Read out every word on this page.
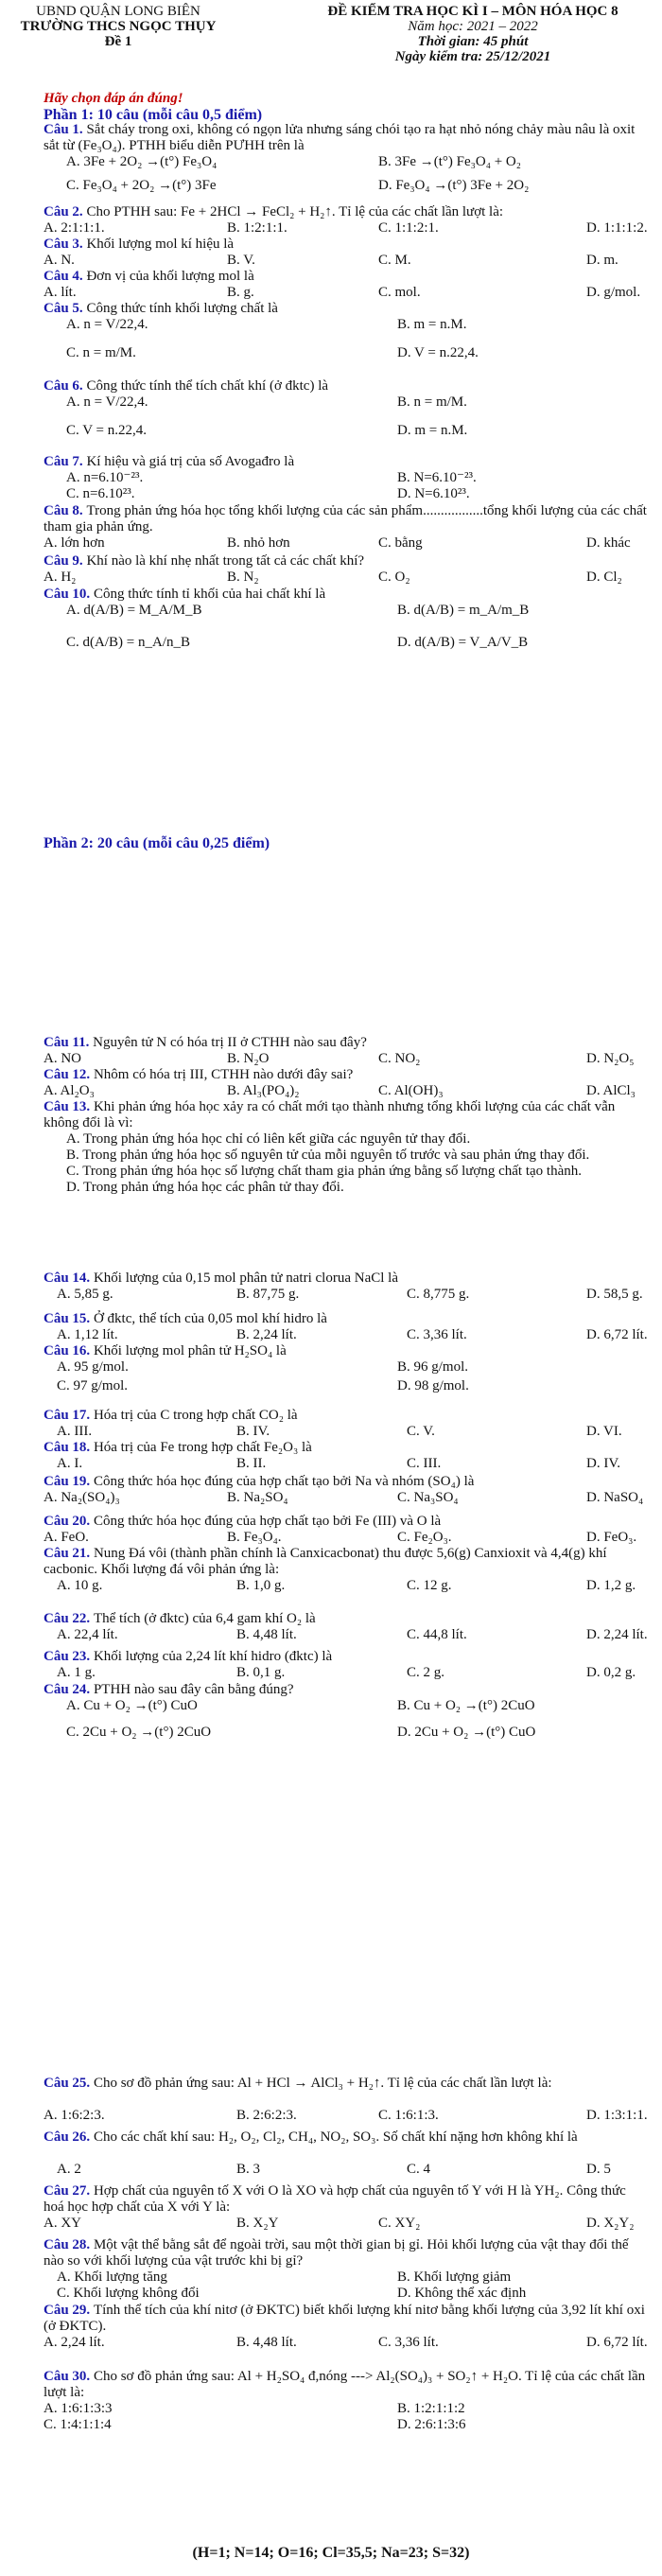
UBND QUẬN LONG BIÊN
TRƯỜNG THCS NGỌC THỤY
Đề 1
ĐỀ KIỂM TRA HỌC KÌ I – MÔN HÓA HỌC 8
Năm học: 2021 – 2022
Thời gian: 45 phút
Ngày kiểm tra: 25/12/2021
Hãy chọn đáp án đúng!
Phần 1: 10 câu (mỗi câu 0,5 điểm)
Phần 2: 20 câu (mỗi câu 0,25 điểm)
Câu 1. Sắt cháy trong oxi, không có ngọn lửa nhưng sáng chói tạo ra hạt nhỏ nóng chảy màu nâu là oxit sắt từ (Fe₃O₄). PTHH biểu diễn PƯHH trên là
A. 3Fe + 2O₂ →(t°) Fe₃O₄	B. 3Fe →(t°) Fe₃O₄ + O₂
C. Fe₃O₄ + 2O₂ →(t°) 3Fe	D. Fe₃O₄ →(t°) 3Fe + 2O₂
Câu 2. Cho PTHH sau: Fe + 2HCl → FeCl₂ + H₂↑. Tỉ lệ của các chất lần lượt là:
A. 2:1:1:1.	B. 1:2:1:1.	C. 1:1:2:1.	D. 1:1:1:2.
Câu 3. Khối lượng mol kí hiệu là
A. N.	B. V.	C. M.	D. m.
Câu 4. Đơn vị của khối lượng mol là
A. lít.	B. g.	C. mol.	D. g/mol.
Câu 5. Công thức tính khối lượng chất là
A. n = V/22,4.	B. m = n.M.
C. n = m/M.	D. V = n.22,4.
Câu 6. Công thức tính thể tích chất khí (ở đktc) là
A. n = V/22,4.	B. n = m/M.
C. V = n.22,4.	D. m = n.M.
Câu 7. Kí hiệu và giá trị của số Avogađro là
A. n=6.10⁻²³.	B. N=6.10⁻²³.
C. n=6.10²³.	D. N=6.10²³.
Câu 8. Trong phản ứng hóa học tổng khối lượng của các sản phẩm.................tổng khối lượng của các chất tham gia phản ứng.
A. lớn hơn	B. nhỏ hơn	C. bằng	D. khác
Câu 9. Khí nào là khí nhẹ nhất trong tất cả các chất khí?
A. H₂	B. N₂	C. O₂	D. Cl₂
Câu 10. Công thức tính tỉ khối của hai chất khí là
A. d(A/B) = M_A/M_B	B. d(A/B) = m_A/m_B
C. d(A/B) = n_A/n_B	D. d(A/B) = V_A/V_B
Câu 11. Nguyên tử N có hóa trị II ở CTHH nào sau đây?
A. NO	B. N₂O	C. NO₂	D. N₂O₅
Câu 12. Nhôm có hóa trị III, CTHH nào dưới đây sai?
A. Al₂O₃	B. Al₃(PO₄)₂	C. Al(OH)₃	D. AlCl₃
Câu 13. Khi phản ứng hóa học xảy ra có chất mới tạo thành nhưng tổng khối lượng của các chất vẫn không đổi là vì:
A. Trong phản ứng hóa học chỉ có liên kết giữa các nguyên tử thay đổi.
B. Trong phản ứng hóa học số nguyên tử của mỗi nguyên tố trước và sau phản ứng thay đổi.
C. Trong phản ứng hóa học số lượng chất tham gia phản ứng bằng số lượng chất tạo thành.
D. Trong phản ứng hóa học các phân tử thay đổi.
Câu 14. Khối lượng của 0,15 mol phân tử natri clorua NaCl là
A. 5,85 g.	B. 87,75 g.	C. 8,775 g.	D. 58,5 g.
Câu 15. Ở đktc, thể tích của 0,05 mol khí hidro là
A. 1,12 lít.	B. 2,24 lít.	C. 3,36 lít.	D. 6,72 lít.
Câu 16. Khối lượng mol phân tử H₂SO₄ là
A. 95 g/mol.	B. 96 g/mol.
C. 97 g/mol.	D. 98 g/mol.
Câu 17. Hóa trị của C trong hợp chất CO₂ là
A. III.	B. IV.	C. V.	D. VI.
Câu 18. Hóa trị của Fe trong hợp chất Fe₂O₃ là
A. I.	B. II.	C. III.	D. IV.
Câu 19. Công thức hóa học đúng của hợp chất tạo bởi Na và nhóm (SO₄) là
A. Na₂(SO₄)₃	B. Na₂SO₄	C. Na₃SO₄	D. NaSO₄
Câu 20. Công thức hóa học đúng của hợp chất tạo bởi Fe (III) và O là
A. FeO.	B. Fe₃O₄.	C. Fe₂O₃.	D. FeO₃.
Câu 21. Nung Đá vôi (thành phần chính là Canxicacbonat) thu được 5,6(g) Canxioxit và 4,4(g) khí cacbonic. Khối lượng đá vôi phản ứng là:
A. 10 g.	B. 1,0 g.	C. 12 g.	D. 1,2 g.
Câu 22. Thể tích (ở đktc) của 6,4 gam khí O₂ là
A. 22,4 lít.	B. 4,48 lít.	C. 44,8 lít.	D. 2,24 lít.
Câu 23. Khối lượng của 2,24 lít khí hidro (đktc) là
A. 1 g.	B. 0,1 g.	C. 2 g.	D. 0,2 g.
Câu 24. PTHH nào sau đây cân bằng đúng?
A. Cu + O₂ →(t°) CuO	B. Cu + O₂ →(t°) 2CuO
C. 2Cu + O₂ →(t°) 2CuO	D. 2Cu + O₂ →(t°) CuO
Câu 25. Cho sơ đồ phản ứng sau: Al + HCl → AlCl₃ + H₂↑. Tỉ lệ của các chất lần lượt là:
A. 1:6:2:3.	B. 2:6:2:3.	C. 1:6:1:3.	D. 1:3:1:1.
Câu 26. Cho các chất khí sau: H₂, O₂, Cl₂, CH₄, NO₂, SO₃. Số chất khí nặng hơn không khí là
A. 2	B. 3	C. 4	D. 5
Câu 27. Hợp chất của nguyên tố X với O là XO và hợp chất của nguyên tố Y với H là YH₂. Công thức hoá học hợp chất của X với Y là:
A. XY	B. X₂Y	C. XY₂	D. X₂Y₂
Câu 28. Một vật thể bằng sắt để ngoài trời, sau một thời gian bị gỉ. Hỏi khối lượng của vật thay đổi thế nào so với khối lượng của vật trước khi bị gỉ?
A. Khối lượng tăng	B. Khối lượng giảm
C. Khối lượng không đổi	D. Không thể xác định
Câu 29. Tính thể tích của khí nitơ (ở ĐKTC) biết khối lượng khí nitơ bằng khối lượng của 3,92 lít khí oxi (ở ĐKTC).
A. 2,24 lít.	B. 4,48 lít.	C. 3,36 lít.	D. 6,72 lít.
Câu 30. Cho sơ đồ phản ứng sau: Al + H₂SO₄ đ,nóng ---> Al₂(SO₄)₃ + SO₂↑ + H₂O. Tỉ lệ của các chất lần lượt là:
A. 1:6:1:3:3	B. 1:2:1:1:2
C. 1:4:1:1:4	D. 2:6:1:3:6
(H=1; N=14; O=16; Cl=35,5; Na=23; S=32)
